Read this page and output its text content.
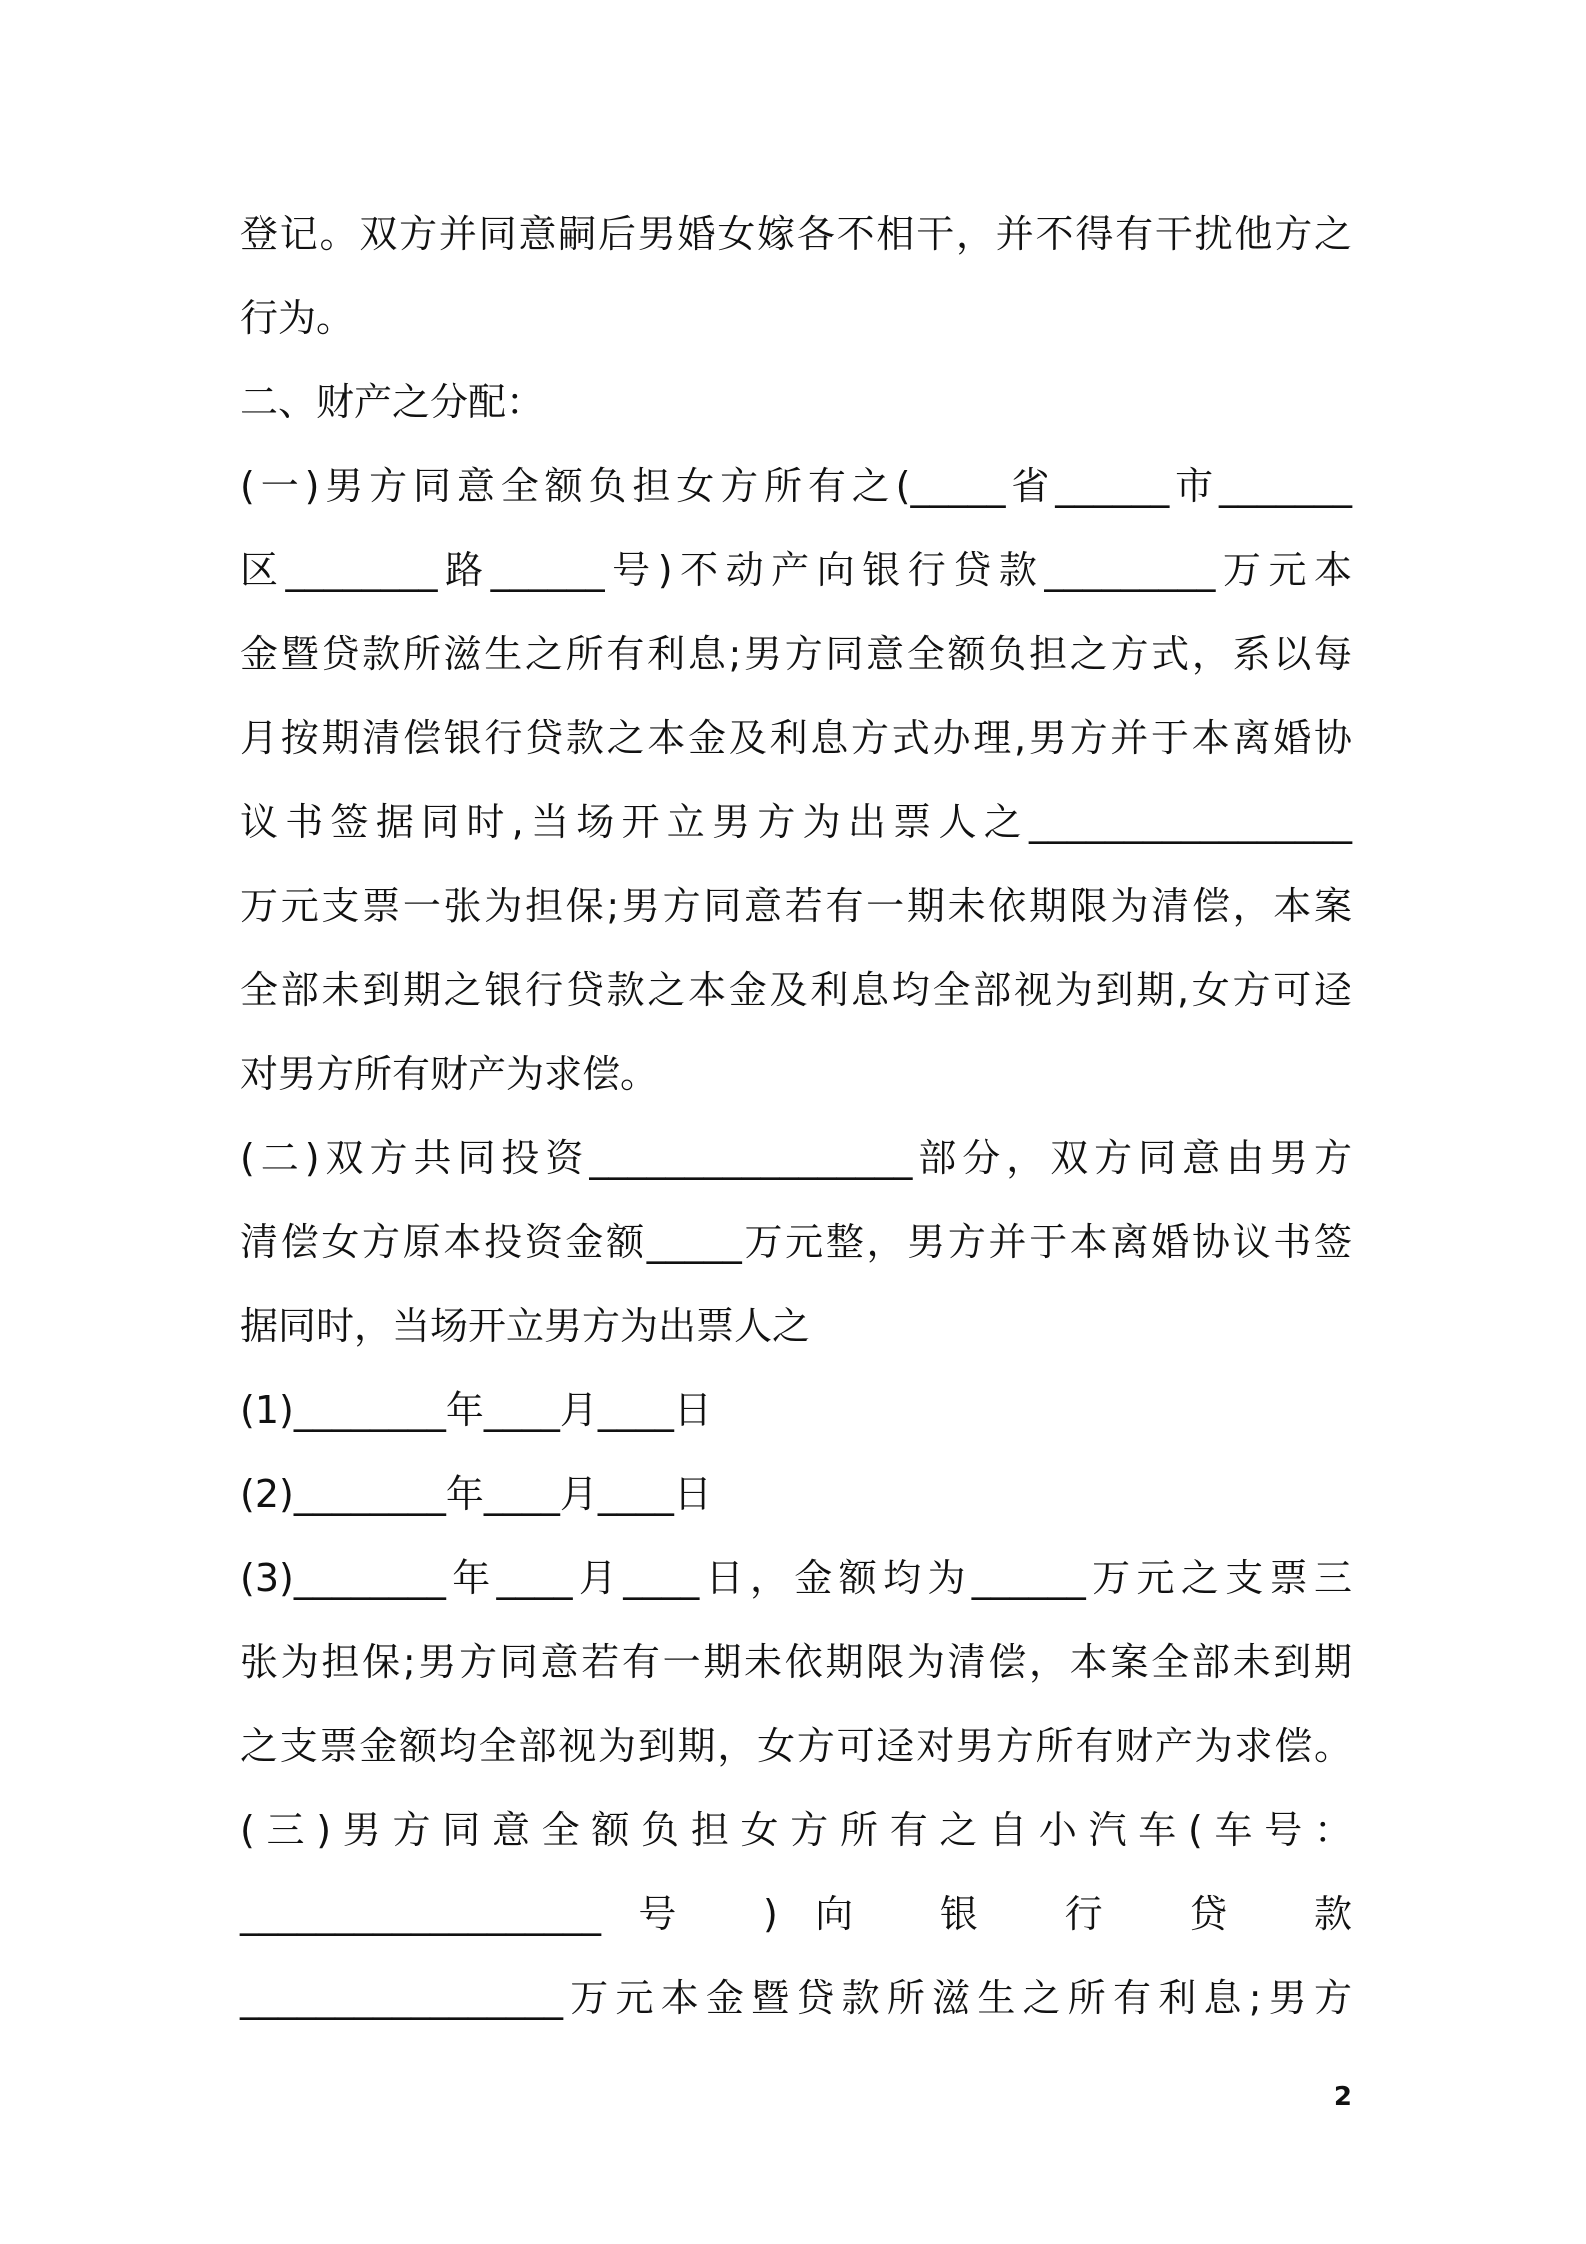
登记。双方并同意嗣后男婚女嫁各不相干，并不得有干扰他方之
行为。
二、财产之分配：
(一)男方同意全额负担女方所有之(_____省______市_______
区________路______号)不动产向银行贷款_________万元本
金暨贷款所滋生之所有利息;男方同意全额负担之方式，系以每
月按期清偿银行贷款之本金及利息方式办理,男方并于本离婚协
议书签据同时,当场开立男方为出票人之_________________
万元支票一张为担保;男方同意若有一期未依期限为清偿，本案
全部未到期之银行贷款之本金及利息均全部视为到期,女方可迳
对男方所有财产为求偿。
(二)双方共同投资_________________部分，双方同意由男方
清偿女方原本投资金额_____万元整，男方并于本离婚协议书签
据同时，当场开立男方为出票人之
(1)________年____月____日
(2)________年____月____日
(3)________年____月____日，金额均为______万元之支票三
张为担保;男方同意若有一期未依期限为清偿，本案全部未到期
之支票金额均全部视为到期，女方可迳对男方所有财产为求偿。
(三)男方同意全额负担女方所有之自小汽车(车号：
___________________号 )向 银 行 贷 款
_________________万元本金暨贷款所滋生之所有利息;男方
2
